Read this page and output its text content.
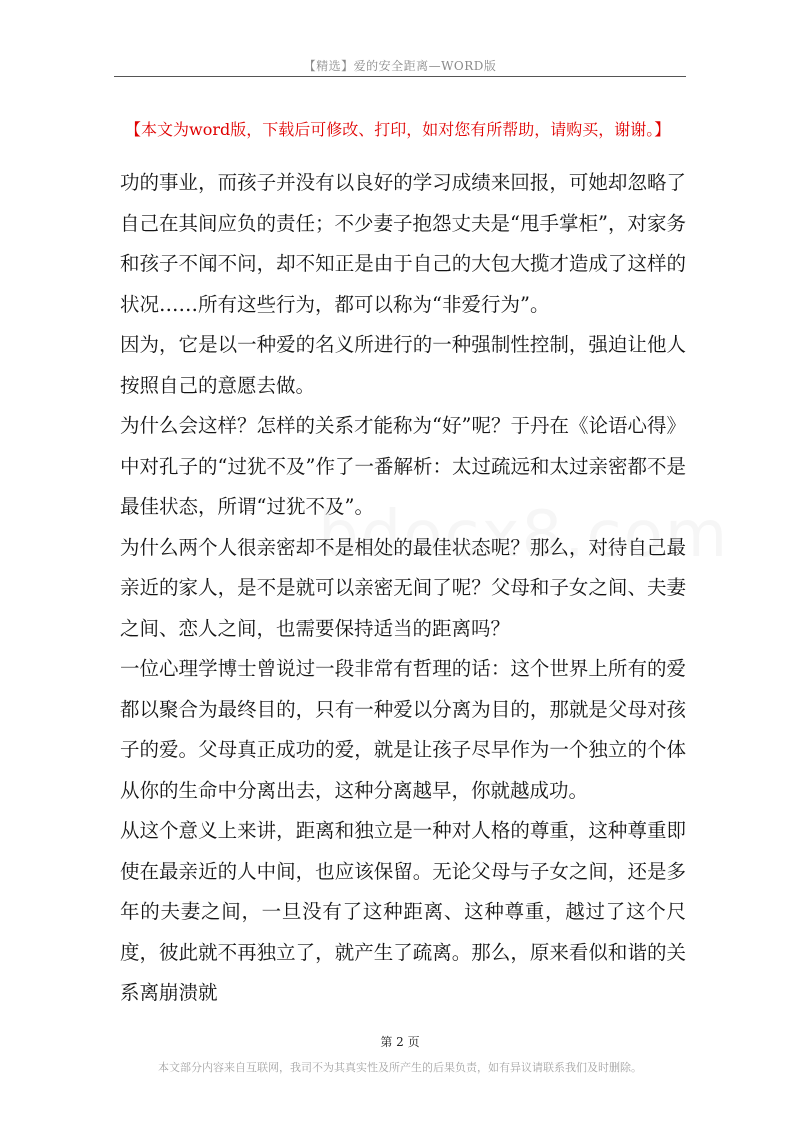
【精选】爱的安全距离—WORD版
【本文为word版，下载后可修改、打印，如对您有所帮助，请购买，谢谢。】

功的事业，而孩子并没有以良好的学习成绩来回报，可她却忽略了自己在其间应负的责任；不少妻子抱怨丈夫是“甩手掌柜”，对家务和孩子不闻不问，却不知正是由于自己的大包大揽才造成了这样的状况……所有这些行为，都可以称为“非爱行为”。

因为，它是以一种爱的名义所进行的一种强制性控制，强迫让他人按照自己的意愿去做。

为什么会这样？怎样的关系才能称为“好”呢？于丹在《论语心得》中对孔子的“过犹不及”作了一番解析：太过疏远和太过亲密都不是最佳状态，所谓“过犹不及”。

为什么两个人很亲密却不是相处的最佳状态呢？那么，对待自己最亲近的家人，是不是就可以亲密无间了呢？父母和子女之间、夫妻之间、恋人之间，也需要保持适当的距离吗？

一位心理学博士曾说过一段非常有哲理的话：这个世界上所有的爱都以聚合为最终目的，只有一种爱以分离为目的，那就是父母对孩子的爱。父母真正成功的爱，就是让孩子尽早作为一个独立的个体从你的生命中分离出去，这种分离越早，你就越成功。

从这个意义上来讲，距离和独立是一种对人格的尊重，这种尊重即使在最亲近的人中间，也应该保留。无论父母与子女之间，还是多年的夫妻之间，一旦没有了这种距离、这种尊重，越过了这个尺度，彼此就不再独立了，就产生了疏离。那么，原来看似和谐的关系离崩溃就

第 2 页
本文部分内容来自互联网，我司不为其真实性及所产生的后果负责，如有异议请联系我们及时删除。
